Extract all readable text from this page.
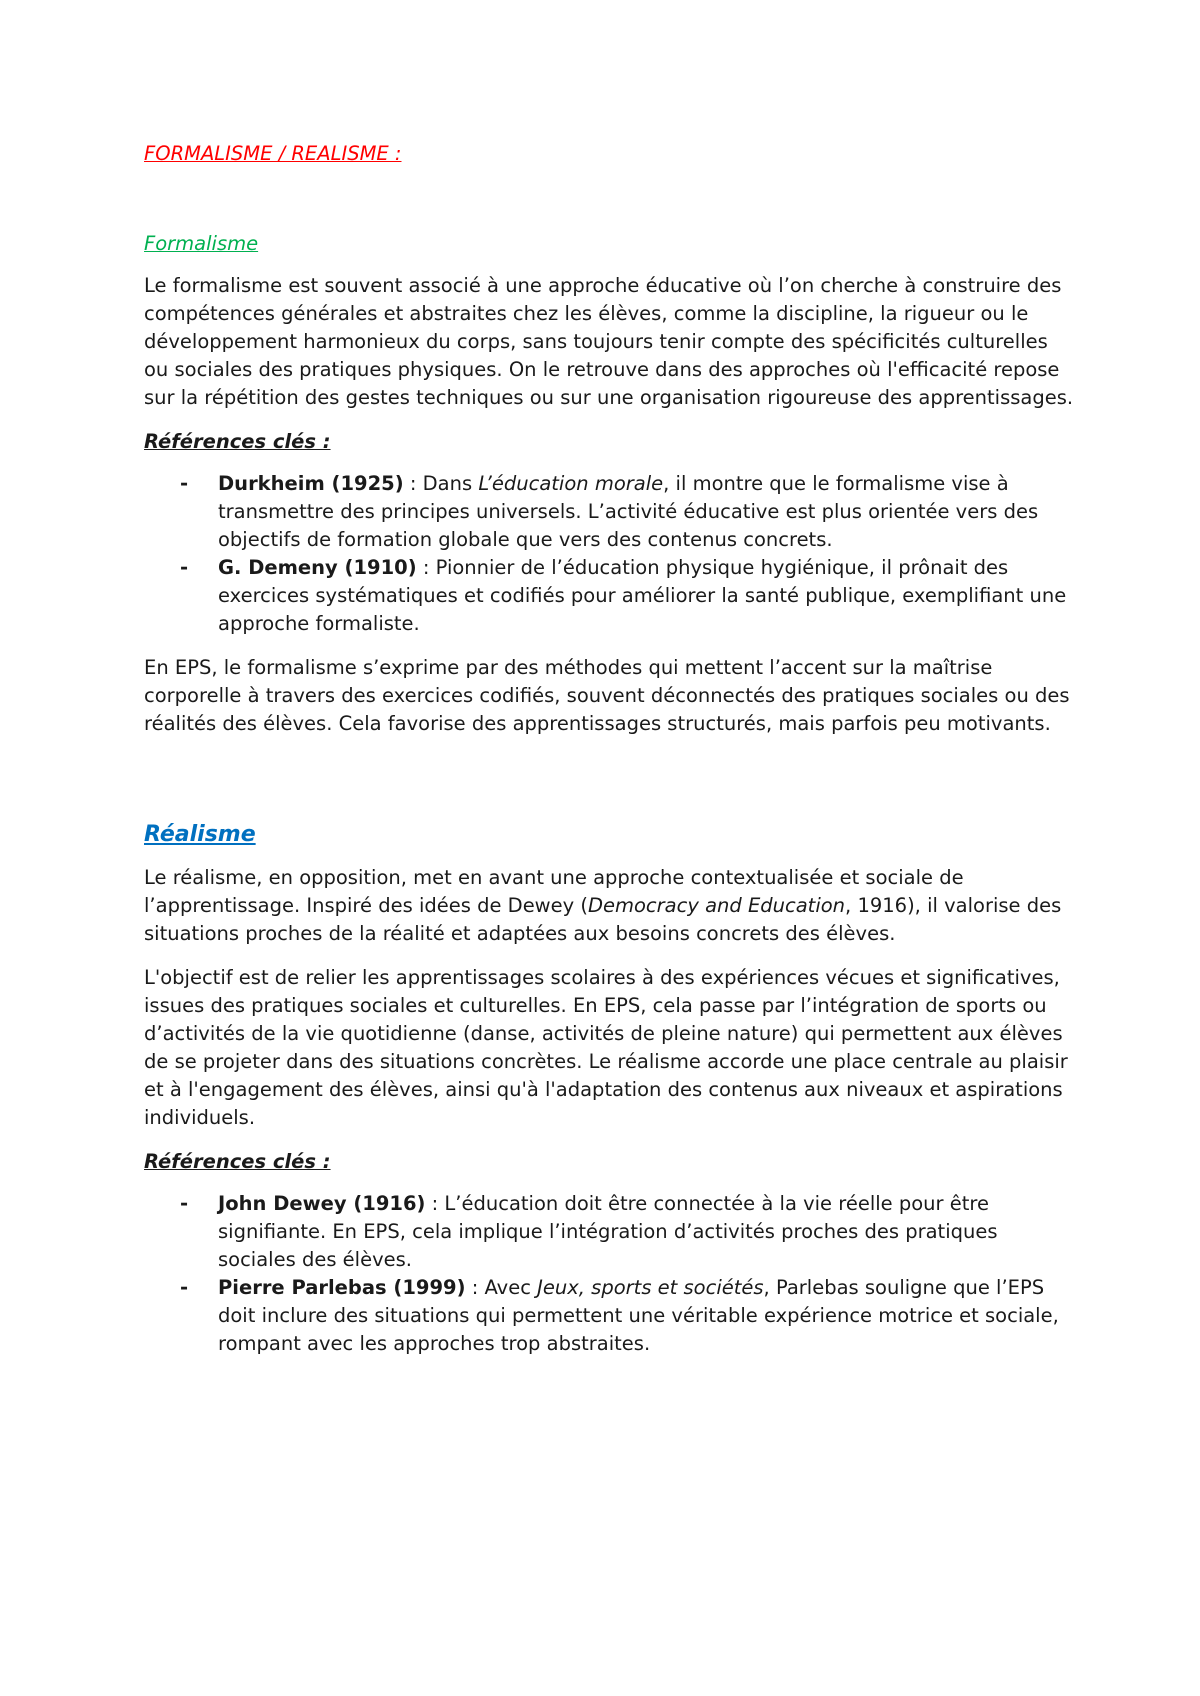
FORMALISME / REALISME :
Formalisme

Le formalisme est souvent associé à une approche éducative où l’on cherche à construire des compétences générales et abstraites chez les élèves, comme la discipline, la rigueur ou le développement harmonieux du corps, sans toujours tenir compte des spécificités culturelles ou sociales des pratiques physiques. On le retrouve dans des approches où l'efficacité repose sur la répétition des gestes techniques ou sur une organisation rigoureuse des apprentissages.

Références clés :
- Durkheim (1925) : Dans L’éducation morale, il montre que le formalisme vise à transmettre des principes universels. L’activité éducative est plus orientée vers des objectifs de formation globale que vers des contenus concrets.
- G. Demeny (1910) : Pionnier de l’éducation physique hygiénique, il prônait des exercices systématiques et codifiés pour améliorer la santé publique, exemplifiant une approche formaliste.

En EPS, le formalisme s’exprime par des méthodes qui mettent l’accent sur la maîtrise corporelle à travers des exercices codifiés, souvent déconnectés des pratiques sociales ou des réalités des élèves. Cela favorise des apprentissages structurés, mais parfois peu motivants.

Réalisme

Le réalisme, en opposition, met en avant une approche contextualisée et sociale de l’apprentissage. Inspiré des idées de Dewey (Democracy and Education, 1916), il valorise des situations proches de la réalité et adaptées aux besoins concrets des élèves.

L'objectif est de relier les apprentissages scolaires à des expériences vécues et significatives, issues des pratiques sociales et culturelles. En EPS, cela passe par l’intégration de sports ou d’activités de la vie quotidienne (danse, activités de pleine nature) qui permettent aux élèves de se projeter dans des situations concrètes. Le réalisme accorde une place centrale au plaisir et à l'engagement des élèves, ainsi qu'à l'adaptation des contenus aux niveaux et aspirations individuels.

Références clés :
- John Dewey (1916) : L’éducation doit être connectée à la vie réelle pour être signifiante. En EPS, cela implique l’intégration d’activités proches des pratiques sociales des élèves.
- Pierre Parlebas (1999) : Avec Jeux, sports et sociétés, Parlebas souligne que l’EPS doit inclure des situations qui permettent une véritable expérience motrice et sociale, rompant avec les approches trop abstraites.
